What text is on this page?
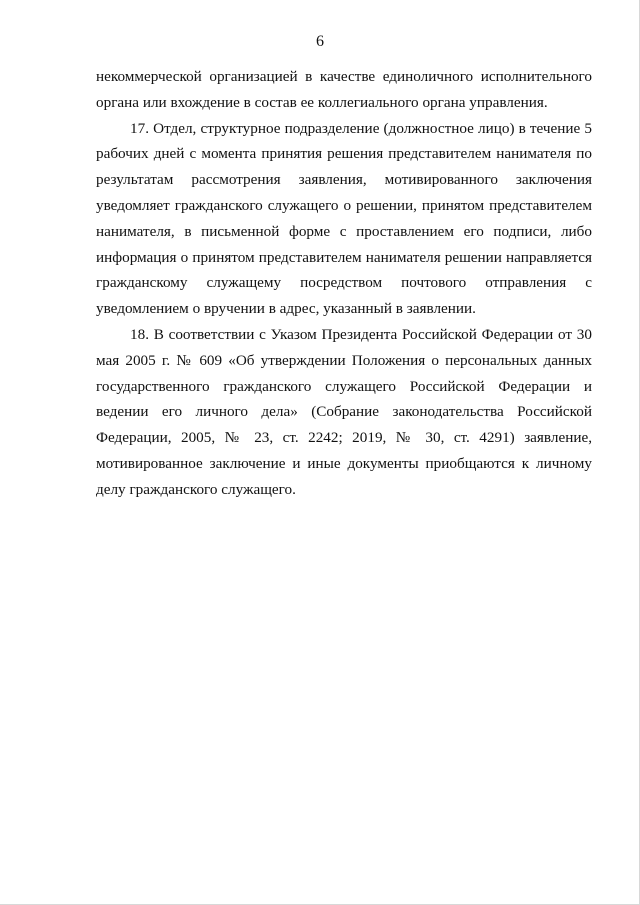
6

некоммерческой организацией в качестве единоличного исполнительного органа или вхождение в состав ее коллегиального органа управления.

17. Отдел, структурное подразделение (должностное лицо) в течение 5 рабочих дней с момента принятия решения представителем нанимателя по результатам рассмотрения заявления, мотивированного заключения уведомляет гражданского служащего о решении, принятом представителем нанимателя, в письменной форме с проставлением его подписи, либо информация о принятом представителем нанимателя решении направляется гражданскому служащему посредством почтового отправления с уведомлением о вручении в адрес, указанный в заявлении.

18. В соответствии с Указом Президента Российской Федерации от 30 мая 2005 г. № 609 «Об утверждении Положения о персональных данных государственного гражданского служащего Российской Федерации и ведении его личного дела» (Собрание законодательства Российской Федерации, 2005, № 23, ст. 2242; 2019, № 30, ст. 4291) заявление, мотивированное заключение и иные документы приобщаются к личному делу гражданского служащего.
